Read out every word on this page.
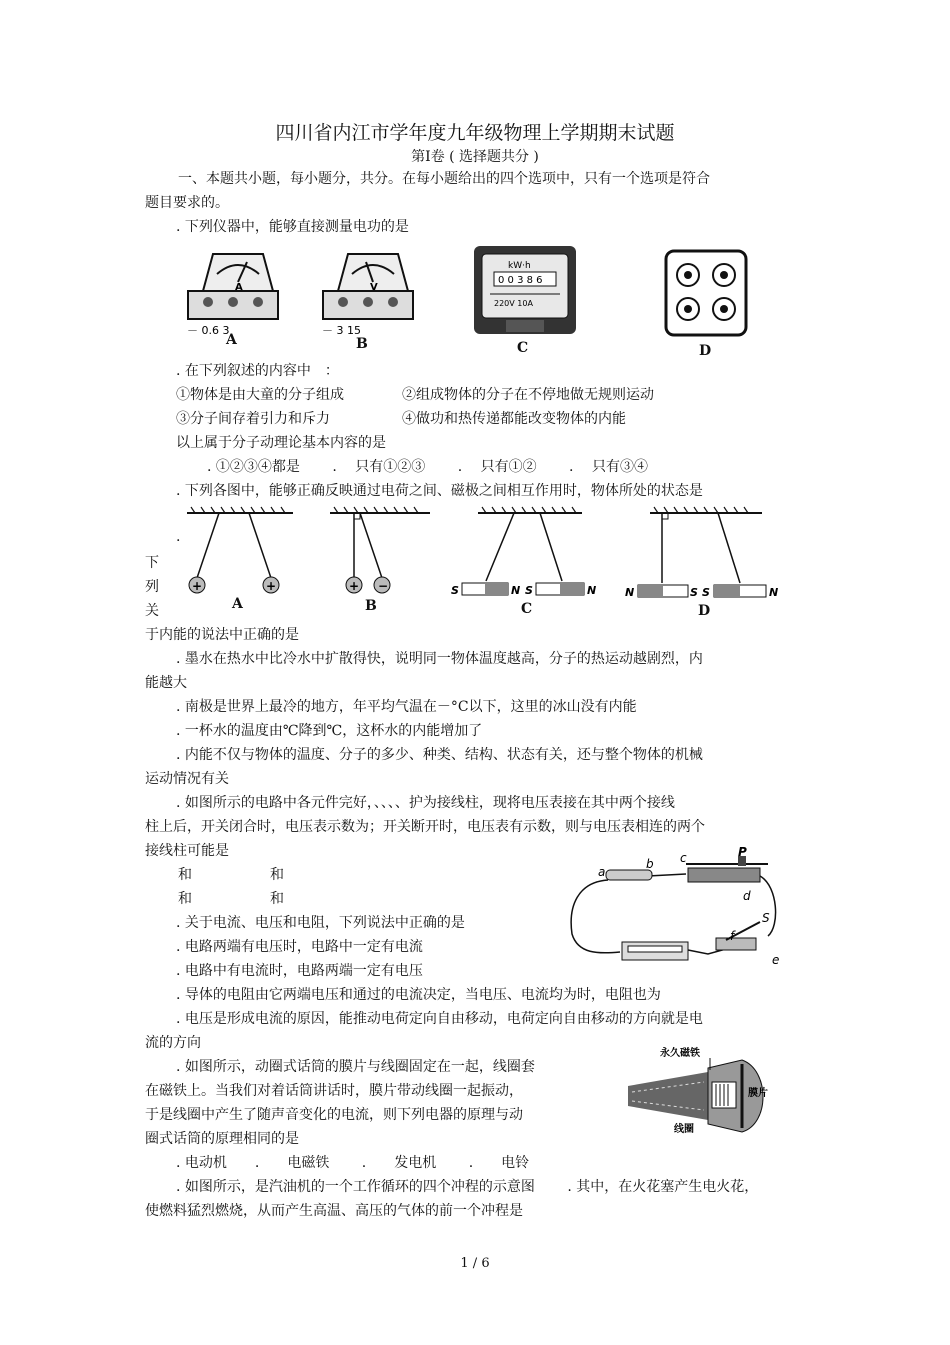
四川省内江市学年度九年级物理上学期期末试题
第Ⅰ卷 ( 选择题共分 )
一、本题共小题，每小题分，共分。在每小题给出的四个选项中，只有一个选项是符合
题目要求的。
. 下列仪器中，能够直接测量电功的是
A
－ 0.6 3
A
V
－ 3 15
B
kW·h
0 0 3 8 6
220V 10A
C	D
. 在下列叙述的内容中　：
①物体是由大童的分子组成	②组成物体的分子在不停地做无规则运动
③分子间存着引力和斥力	④做功和热传递都能改变物体的内能
以上属于分子动理论基本内容的是
. ①②③④都是　　 .　 只有①②③　　 .　 只有①②　　 .　 只有③④
. 下列各图中，能够正确反映通过电荷之间、磁极之间相互作用时，物体所处的状态是
.
+	+
A
+ −
B
S	N S	N
C
N	S S	N
D
下
列
关
于内能的说法中正确的是
. 墨水在热水中比冷水中扩散得快，说明同一物体温度越高，分子的热运动越剧烈，内
能越大
. 南极是世界上最冷的地方，年平均气温在－°C以下，这里的冰山没有内能
. 一杯水的温度由℃降到℃，这杯水的内能增加了
. 内能不仅与物体的温度、分子的多少、种类、结构、状态有关，还与整个物体的机械
运动情况有关
. 如图所示的电路中各元件完好，、、、、护为接线柱，现将电压表接在其中两个接线
柱上后，开关闭合时，电压表示数为；开关断开时，电压表有示数，则与电压表相连的两个
接线柱可能是
和	和
和	和
a
b c	P
d
f
S
e
. 关于电流、电压和电阻，下列说法中正确的是
. 电路两端有电压时，电路中一定有电流
. 电路中有电流时，电路两端一定有电压
. 导体的电阻由它两端电压和通过的电流决定，当电压、电流均为时，电阻也为
. 电压是形成电流的原因，能推动电荷定向自由移动，电荷定向自由移动的方向就是电
流的方向
. 如图所示，动圈式话筒的膜片与线圈固定在一起，线圈套
在磁铁上。当我们对着话筒讲话时，膜片带动线圈一起振动，
于是线圈中产生了随声音变化的电流，则下列电器的原理与动
圈式话筒的原理相同的是
. 电动机　　.　　电磁铁　　 .　　发电机　　 .　　电铃
永久磁铁
膜片
线圈
. 如图所示，是汽油机的一个工作循环的四个冲程的示意图　　 . 其中，在火花塞产生电火花，
使燃料猛烈燃烧，从而产生高温、高压的气体的前一个冲程是
1 / 6
